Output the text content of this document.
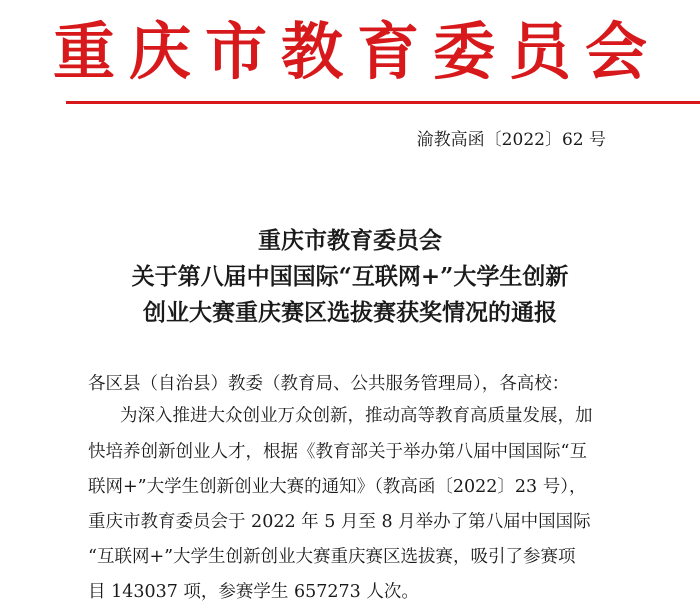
重庆市教育委员会
渝教高函〔2022〕62 号
重庆市教育委员会
关于第八届中国国际“互联网+”大学生创新
创业大赛重庆赛区选拔赛获奖情况的通报
各区县（自治县）教委（教育局、公共服务管理局），各高校：
为深入推进大众创业万众创新，推动高等教育高质量发展，加
快培养创新创业人才，根据《教育部关于举办第八届中国国际“互
联网+”大学生创新创业大赛的通知》（教高函〔2022〕23 号），
重庆市教育委员会于 2022 年 5 月至 8 月举办了第八届中国国际
“互联网+”大学生创新创业大赛重庆赛区选拔赛，吸引了参赛项
目 143037 项，参赛学生 657273 人次。
